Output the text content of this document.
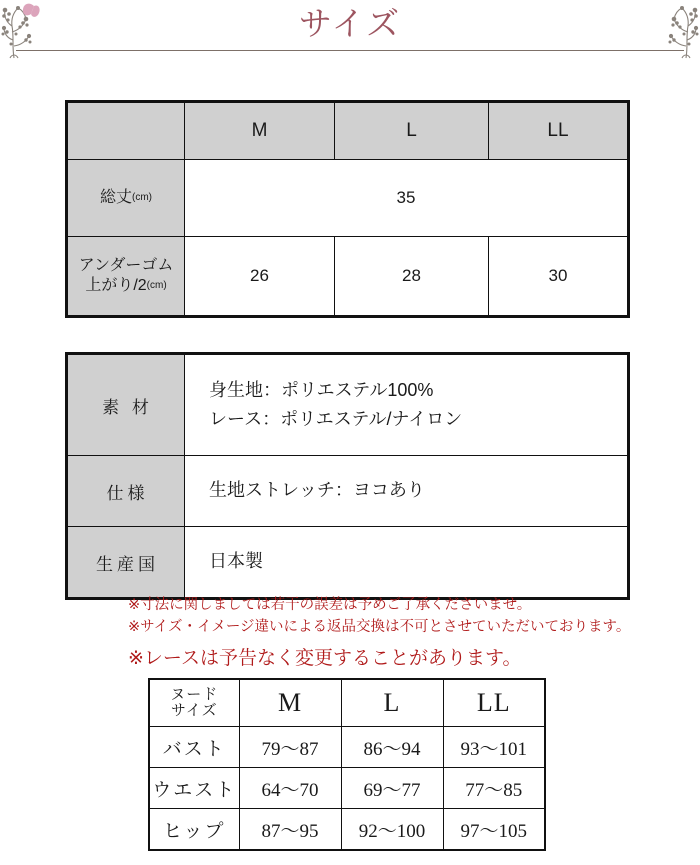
サイズ
	M	L	LL
総丈(cm)	35		
アンダーゴム
上がり/2(cm)	26	28	30
素 材	身生地：ポリエステル100%
レース：ポリエステル/ナイロン
仕様	生地ストレッチ：ヨコあり
生産国	日本製
※寸法に関しましては若干の誤差は予めご了承くださいませ。
※サイズ・イメージ違いによる返品交換は不可とさせていただいております。
※レースは予告なく変更することがあります。
ヌード
サイズ	M	L	LL
バスト	79〜87	86〜94	93〜101
ウエスト	64〜70	69〜77	77〜85
ヒップ	87〜95	92〜100	97〜105
